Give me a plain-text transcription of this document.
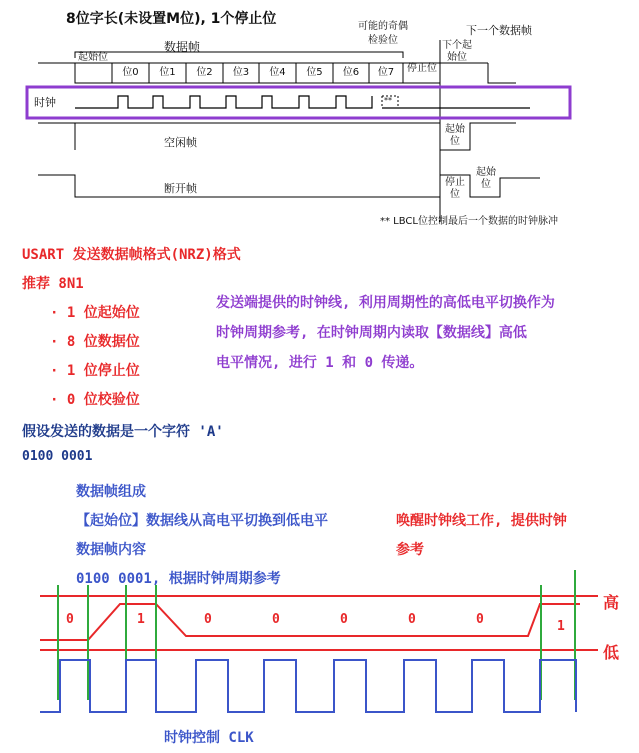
8位字长(未设置M位), 1个停止位
数据帧
可能的奇偶检验位
下一个数据帧
起始位
位0	位1	位2	位3	位4	位5	位6	位7	停止位
下个起始位
时钟	**
空闲帧
起始位
断开帧	停止位
起始位
** LBCL位控制最后一个数据的时钟脉冲
USART 发送数据帧格式(NRZ)格式
推荐 8N1
· 1 位起始位
· 8 位数据位
· 1 位停止位
· 0 位校验位
发送端提供的时钟线, 利用周期性的高低电平切换作为
时钟周期参考, 在时钟周期内读取【数据线】高低
电平情况, 进行 1 和 0 传递。
假设发送的数据是一个字符 'A'
0100 0001
数据帧组成
【起始位】数据线从高电平切换到低电平	唤醒时钟线工作, 提供时钟
参考
数据帧内容
0100 0001, 根据时钟周期参考
0	1	0	0	0	0	0	1
高
低
时钟控制 CLK
